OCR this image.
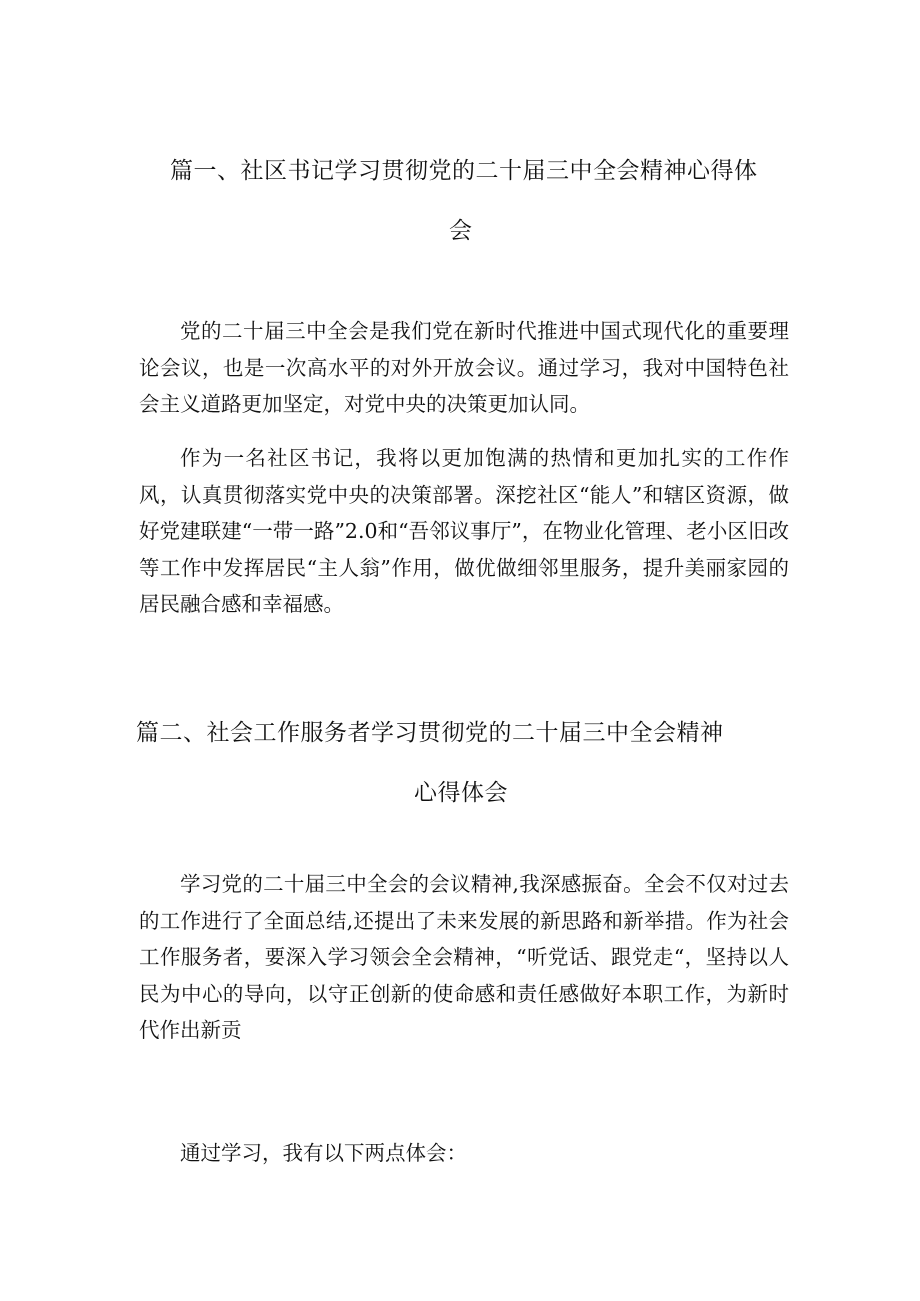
篇一、社区书记学习贯彻党的二十届三中全会精神心得体
会

党的二十届三中全会是我们党在新时代推进中国式现代化的重要理论会议，也是一次高水平的对外开放会议。通过学习，我对中国特色社会主义道路更加坚定，对党中央的决策更加认同。

作为一名社区书记，我将以更加饱满的热情和更加扎实的工作作风，认真贯彻落实党中央的决策部署。深挖社区“能人”和辖区资源，做好党建联建“一带一路”2.0和“吾邻议事厅”，在物业化管理、老小区旧改等工作中发挥居民“主人翁”作用，做优做细邻里服务，提升美丽家园的居民融合感和幸福感。

篇二、社会工作服务者学习贯彻党的二十届三中全会精神
心得体会

学习党的二十届三中全会的会议精神,我深感振奋。全会不仅对过去的工作进行了全面总结,还提出了未来发展的新思路和新举措。作为社会工作服务者，要深入学习领会全会精神，“听党话、跟党走“，坚持以人民为中心的导向，以守正创新的使命感和责任感做好本职工作，为新时代作出新贡

通过学习，我有以下两点体会：
